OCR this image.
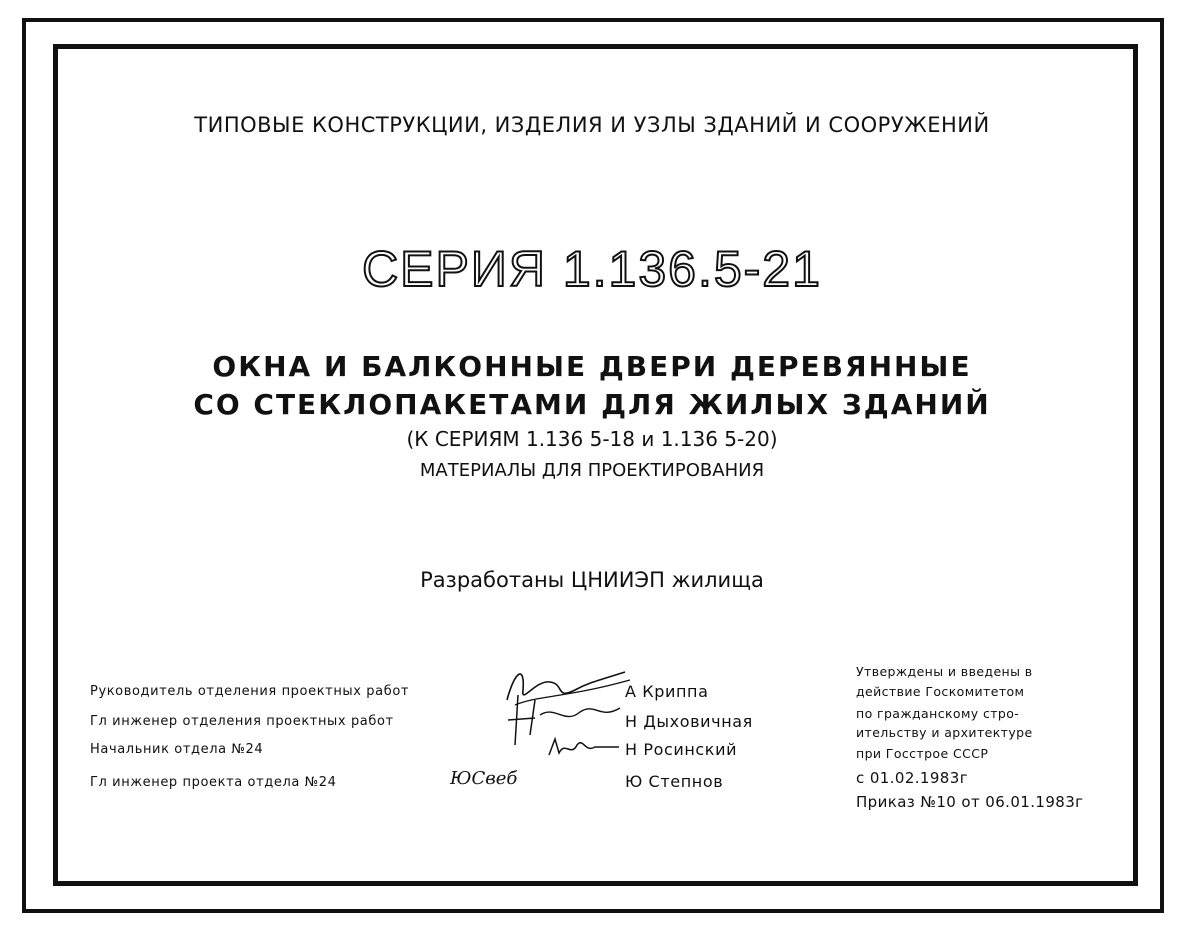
ТИПОВЫЕ КОНСТРУКЦИИ, ИЗДЕЛИЯ И УЗЛЫ ЗДАНИЙ И СООРУЖЕНИЙ
СЕРИЯ 1.136.5-21
ОКНА И БАЛКОННЫЕ ДВЕРИ ДЕРЕВЯННЫЕ
СО СТЕКЛОПАКЕТАМИ ДЛЯ ЖИЛЫХ ЗДАНИЙ
(К СЕРИЯМ 1.136 5-18 и 1.136 5-20)
МАТЕРИАЛЫ ДЛЯ ПРОЕКТИРОВАНИЯ
Разработаны ЦНИИЭП жилища
Руководитель отделения проектных работ
Гл инженер отделения проектных работ
Начальник отдела №24
Гл инженер проекта отдела №24
А Криппа
Н Дыховичная
Н Росинский
Ю Степнов
ЮСвеб
Утверждены и введены в
действие Госкомитетом
по гражданскому стро-
ительству и архитектуре
при Госстрое СССР
с 01.02.1983г
Приказ №10 от 06.01.1983г
